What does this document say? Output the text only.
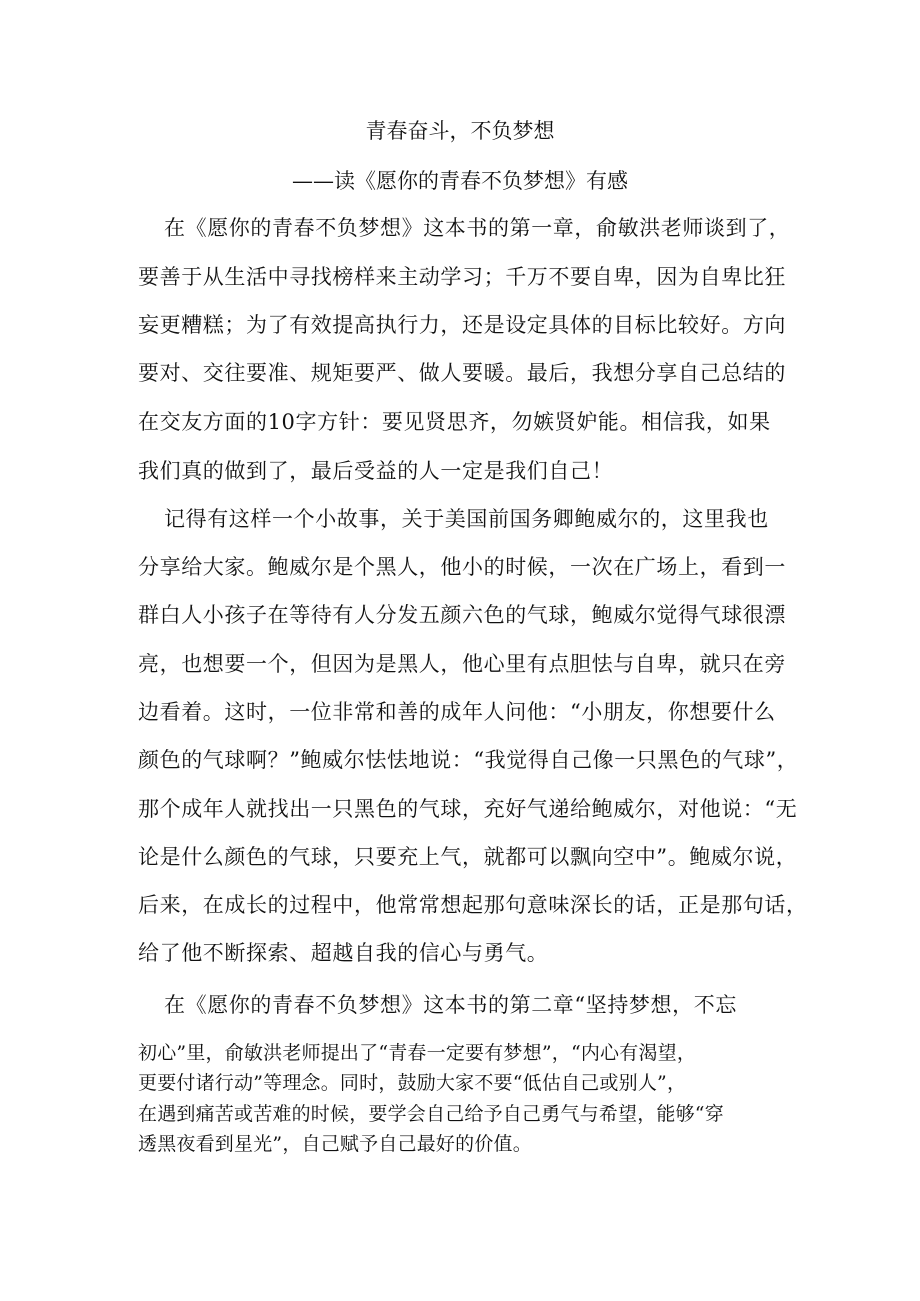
青春奋斗，不负梦想
——读《愿你的青春不负梦想》有感
在《愿你的青春不负梦想》这本书的第一章，俞敏洪老师谈到了，
要善于从生活中寻找榜样来主动学习；千万不要自卑，因为自卑比狂
妄更糟糕；为了有效提高执行力，还是设定具体的目标比较好。方向
要对、交往要准、规矩要严、做人要暖。最后，我想分享自己总结的
在交友方面的10字方针：要见贤思齐，勿嫉贤妒能。相信我，如果
我们真的做到了，最后受益的人一定是我们自己！
记得有这样一个小故事，关于美国前国务卿鲍威尔的，这里我也
分享给大家。鲍威尔是个黑人，他小的时候，一次在广场上，看到一
群白人小孩子在等待有人分发五颜六色的气球，鲍威尔觉得气球很漂
亮，也想要一个，但因为是黑人，他心里有点胆怯与自卑，就只在旁
边看着。这时，一位非常和善的成年人问他：“小朋友，你想要什么
颜色的气球啊？”鲍威尔怯怯地说：“我觉得自己像一只黑色的气球”，
那个成年人就找出一只黑色的气球，充好气递给鲍威尔，对他说：“无
论是什么颜色的气球，只要充上气，就都可以飘向空中”。鲍威尔说，
后来，在成长的过程中，他常常想起那句意味深长的话，正是那句话，
给了他不断探索、超越自我的信心与勇气。
在《愿你的青春不负梦想》这本书的第二章“坚持梦想，不忘
初心”里，俞敏洪老师提出了“青春一定要有梦想”，“内心有渴望，
更要付诸行动”等理念。同时，鼓励大家不要“低估自己或别人”，
在遇到痛苦或苦难的时候，要学会自己给予自己勇气与希望，能够“穿
透黑夜看到星光”，自己赋予自己最好的价值。
